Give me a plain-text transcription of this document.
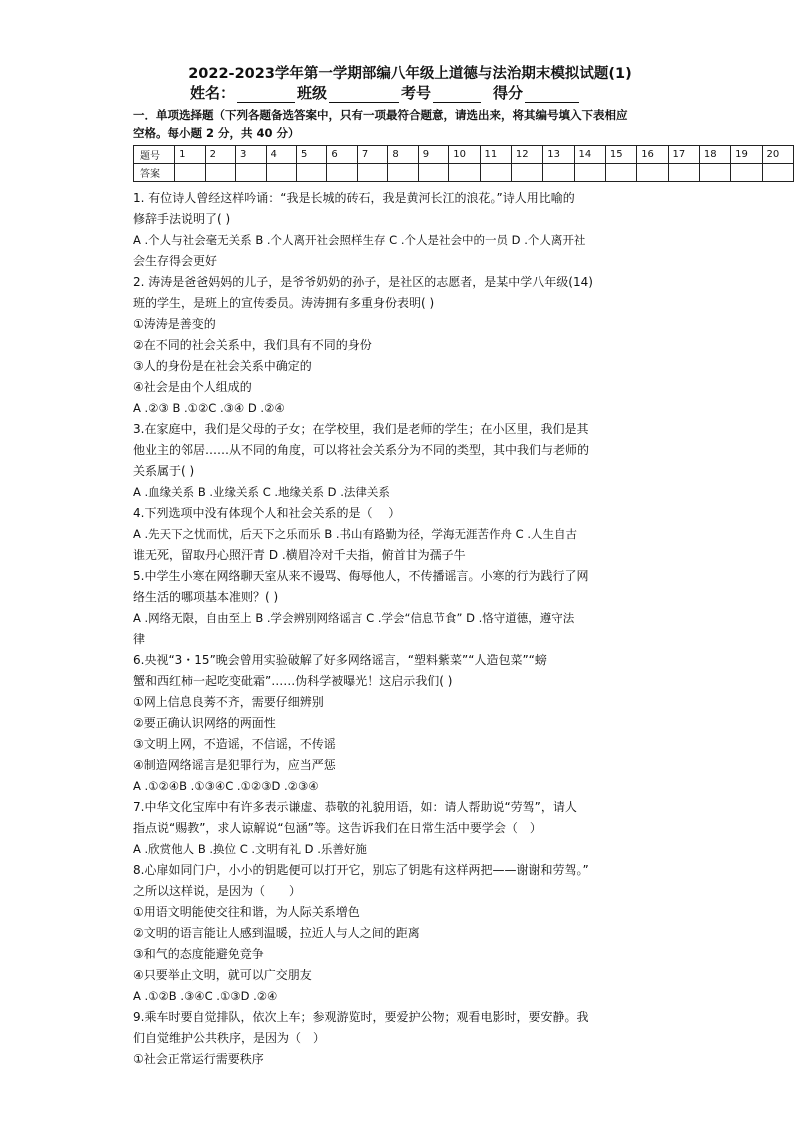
2022-2023学年第一学期部编八年级上道德与法治期末模拟试题(1)
姓名：	班级	考号	得分
一．单项选择题（下列各题备选答案中，只有一项最符合题意，请选出来，将其编号填入下表相应
空格。每小题 2 分，共 40 分）
题号	1	2	3	4	5	6	7	8	9	10	11	12	13	14	15	16	17	18	19	20
答案																				
1. 有位诗人曾经这样吟诵：“我是长城的砖石，我是黄河长江的浪花。”诗人用比喻的
修辞手法说明了( )
A .个人与社会毫无关系 B .个人离开社会照样生存 C .个人是社会中的一员 D .个人离开社
会生存得会更好
2. 涛涛是爸爸妈妈的儿子，是爷爷奶奶的孙子，是社区的志愿者，是某中学八年级(14)
班的学生，是班上的宣传委员。涛涛拥有多重身份表明( )
①涛涛是善变的
②在不同的社会关系中，我们具有不同的身份
③人的身份是在社会关系中确定的
④社会是由个人组成的
A .②③ B .①②C .③④ D .②④
3.在家庭中，我们是父母的子女；在学校里，我们是老师的学生；在小区里，我们是其
他业主的邻居……从不同的角度，可以将社会关系分为不同的类型，其中我们与老师的
关系属于( )
A .血缘关系 B .业缘关系 C .地缘关系 D .法律关系
4.下列选项中没有体现个人和社会关系的是（　 ）
A .先天下之忧而忧，后天下之乐而乐 B .书山有路勤为径，学海无涯苦作舟 C .人生自古
谁无死，留取丹心照汗青 D .横眉冷对千夫指，俯首甘为孺子牛
5.中学生小寒在网络聊天室从来不谩骂、侮辱他人，不传播谣言。小寒的行为践行了网
络生活的哪项基本准则？( )
A .网络无限，自由至上 B .学会辨别网络谣言 C .学会“信息节食” D .恪守道德，遵守法
律
6.央视“3・15”晚会曾用实验破解了好多网络谣言，“塑料紫菜”“人造包菜”“螃
蟹和西红柿一起吃变砒霜”……伪科学被曝光！这启示我们( )
①网上信息良莠不齐，需要仔细辨别
②要正确认识网络的两面性
③文明上网，不造谣，不信谣，不传谣
④制造网络谣言是犯罪行为，应当严惩
A .①②④B .①③④C .①②③D .②③④
7.中华文化宝库中有许多表示谦虚、恭敬的礼貌用语，如：请人帮助说“劳驾”，请人
指点说“赐教”，求人谅解说“包涵”等。这告诉我们在日常生活中要学会（　）
A .欣赏他人 B .换位 C .文明有礼 D .乐善好施
8.心扉如同门户，小小的钥匙便可以打开它，别忘了钥匙有这样两把——谢谢和劳驾。”
之所以这样说，是因为（　　）
①用语文明能使交往和谐，为人际关系增色
②文明的语言能让人感到温暖，拉近人与人之间的距离
③和气的态度能避免竞争
④只要举止文明，就可以广交朋友
A .①②B .③④C .①③D .②④
9.乘车时要自觉排队，依次上车；参观游览时，要爱护公物；观看电影时，要安静。我
们自觉维护公共秩序，是因为（　）
①社会正常运行需要秩序
